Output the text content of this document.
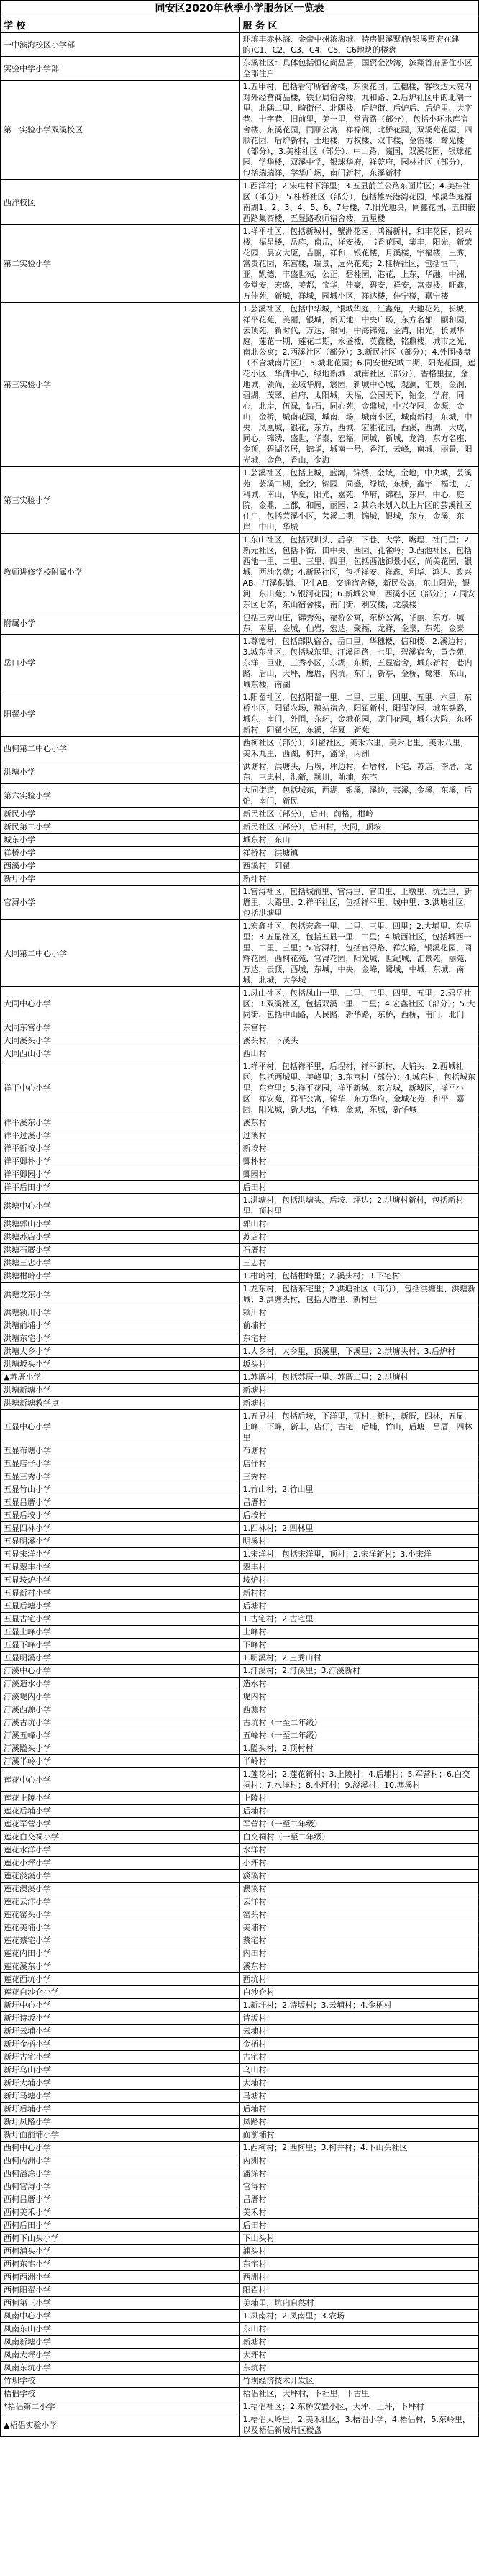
同安区2020年秋季小学服务区一览表
学 校	服 务 区
一中滨海校区小学部	环滨丰赤林海、金帝中州滨海城、特房银溪墅府(银溪墅府在建的)C1、C2、C3、C4、C5、C6地块的楼盘
实验中学小学部	东溪社区：具体包括恒亿尚品居，国贸金沙湾，滨翔首府居住小区全部住户
第一实验小学双溪校区	1.五甲村，包括看守所宿舍楼，东溪花园，五穗楼，客牧达大院内对外经营商品楼，铁业局宿舍楼，九和路；2.后炉社区中的北隅一里、北隅二里、畸街仔、北隅楼、后炉街、后炉后、后炉里、大字巷、十字巷、旧前里，美一里，常青路（部分），包括小环水库宿舍楼、东溪花园，同顺公寓，祥禄阁，北桥花园，双溪苑花园、四顺花园，后炉新村，土地楼，方权楼、双丰楼，金雷楼，鹭光楼（部分），3.美桂社区（部分）、中山路，瀛园，双溪花园，银球花园，学华楼，双溪中学，银球华府，祥乾府，园林社区（部分），包括瑞瑞祥，学华广场，南门新村，东溪新村
西洋校区	1.西洋村；2.宋屯村下洋里；3.五显前兰公路东面片区；4.美桂社区（部分）；5.桂桥社区（部分），包括雄兴港湾花园，银溪华庭福南湖1、2、3、4、5、6、7号楼，7.阳光地块，同鑫花园，五田嵌西路集资楼，五显路教师宿舍楼，五星楼
第二实验小学	1.祥平社区，包括新城村，蟹洲花园，鸿福新村，和丰花园，银兴楼，福星楼，岳庭，南岳，祥安楼，书香花园，集丰，阳光，新荣花园，晨安大厦，吉丽，祥和，银花楼，月溪楼，宇福楼，三秀，富贵花园，东宫楼，瑞景，远兴花苑；2.桂桥社区，包括恒丰，亚，凯德，丰盛世苑，公正，碧桂园，港花，上东，华融，中洲，金堂安，宏盛，美都，宝华，佳豪，碧安，祥安，富贵楼，旺鑫，万佳苑，新城，祥城，园城小区，祥达楼，佳宁楼，嘉宁楼
第三实验小学	1.芸溪社区，包括中华城，银城华庭，汇鑫苑，大地花苑，长城，祥平花苑，美丽，银城，新天地，中央广场，东方名都，颐和园，云顶苑，新时代，万达，银河，中海锦苑，金湾，阳光，长城华庭，莲花一期，莲花二期，永盛楼，英鑫楼，铭鼎楼，城市之光，南北公寓；2.西溪社区（部分）；3.新民社区（部分）；4.外围楼盘（不含城南片区）；5.城北花园；6.同安世纪城二期，阳光花园，莲花小区，华清中心，绿地新城，城南社区（部分），香格里拉，金地城，领尚，金域华府，宸园，新城中心城，观澜，汇景，金润，碧湖，茂翠，首府，太阳城，天福，公园天下，铂金，学府，同心，北岸，伍禄，钻石，同心苑，金鼎城，中兴花园，金源，金山，金桥，城南花园，城南广场，城南小区，城南新村，东城，中央，凤凰城，银花，东方，西城，宏雅花园，西溪，西湖，大成，同心，锦绣，盛世，华泰，宏福，同城，新城，龙湾，东方名座，金顶，碧湖名居，锦华，城南一号，香江，云峰，南城，丽景，阳光城，金色，香山，金海
第三实验小学	1.芸溪社区，包括上城，蓝湾，锦绣，金域，金地，中央城，芸溪苑，芸溪二期，金沙，锦园，同盛，绿城，东桥，鑫宇，福地，万科城，南山，华夏，阳光，嘉苑，华府，锦程，东岸，中心，庭院，金鼎，上郡，和园，丽园；2.其余未划入以上片区的芸溪社区住户，包括芸溪小区，芸溪二期，锦城，银城，东方，金溪，东岸，中山，华城
教师进修学校附属小学	1.东山社区，包括双圳头、后亭、下巷、大学、嘴埕、社门里；2.新元社区，包括下街、田中央、西园、孔雀岭；3.西池社区，包括西池一里、二里、三里、四里，包括西池御景小区，尚美花园，银城，西池名苑；4.新民社区，包括祥安、祥鑫、利华、鸿达、政兴AB、汀溪供销、卫生AB、交通宿舍楼，新民公寓，东山阳光，银河，东山苑；5.银河花园；6.新城公寓，西溪小区（部分）；7.同安东区七条，东山宿舍楼，南门街，利安楼，龙泉楼
附属小学	包括三秀山庄，锦秀苑，福桥公寓，东桥公寓，华丽，东方，城东，南星，金城，仙岩，宏达，聚福，龙祥，金泉，东苑，金泰
岳口小学	1.尊德村，包括部队宿舍，岳口里，华穗楼，信和楼；2.溪边村；3.城东社区，包括城东里、汀溪尾路，七里，碧溪宿舍，黄金苑，东洋，巨业，三秀小区，东湖，东桥，五显宿舍，城东新村，巷内路，后山，大坪，鹰厝，内坑，东门，新亭，金桥，鹭港，东山，城东楼，南湖
阳翟小学	1.阳翟社区，包括阳翟一里、二里、三里、四里、五里、六里，东桥小区，阳翟农场，粮站宿舍，阳翟新村，阳翟花园，城东铁路，城东，南门，外围，东环，金城花园，龙门花园，城东大院，东环新村，阳翟小区，东溪，华夏，新苑
西柯第二中心小学	西柯社区（部分），阳翟社区，美禾六里，美禾七里，美禾八里，美禾九里，西湖，柯井，潘涂，丙洲
洪塘小学	洪塘村，洪塘头，后垵，坪边村，石厝村，下宅，苏店，李厝，龙东，三忠村，洪新，颍川，前埔，东宅
第六实验小学	大同街道，包括城东，西湖，银溪，溪边，芸溪，金溪，东溪，后炉，南门，新民
新民小学	新民社区（部分），后田，前格，柑岭
新民第二小学	新民社区（部分），后田村，大同，顶垵
城东小学	城东村，东山
祥桥小学	祥桥村，洪塘镇
西溪小学	西溪村，阳翟
新圩小学	新圩村
官浔小学	1.官浔社区，包括城前里、官浔里、官田里、上墩里、坑边里、新厝里，大路里；2.祥平社区，包括祥平里，城中里；3.洪塘社区，包括洪塘里
大同第二中心小学	1.宏鑫社区，包括宏鑫一里、二里、三里、四里；2.大埔里、东岳里；3.五显社区，包括五显一里、二里；4.城西社区，包括城西一里、二里、三里；5.官浔村，包括官浔路、祥安路，银溪花园，同辉花园，西柯花苑，官浔花园，阳光城，世纪城，汇景苑，丽苑，万达，云顶，西城，东城，中央，金峰，鹭城，中城，东城，南城，北城，大学城
大同中心小学	1.凤山社区，包括凤山一里、二里、三里、四里、五里；2.碧岳社区；3.双溪社区，包括双溪一里、二里；4.宏鑫社区（部分）；5.大同街，包括中山路，人民路，新华路，东桥，西桥，南门，北门
大同东宫小学	东宫村
大同溪头小学	溪头村，下溪头
大同西山小学	西山村
祥平中心小学	1.祥平村，包括祥平里，后埕村，祥平新村，大埔头；2.西城社区，包括西城里、美峰里；3.东宫村（部分）；4.城东村，包括城东里，东宫里；5.祥平花园，祥平新城，东方城，新城区，祥平小区，祥安苑，祥平公寓，锦华，东方华府，金城花苑，和平，嘉园，阳光城，新天地，华城，金城，东城，新华城
祥平溪东小学	溪东村
祥平过溪小学	过溪村
祥平新垵小学	新垵村
祥平卿朴小学	卿朴村
祥平卿园小学	卿园村
祥平后田小学	后田村
洪塘中心小学	1.洪塘村，包括洪塘头、后垵、坪边；2.洪塘村新村，包括新村里、顶村里
洪塘郭山小学	郭山村
洪塘苏店小学	苏店村
洪塘石厝小学	石厝村
洪塘三忠小学	三忠村
洪塘柑岭小学	1.柑岭村，包括柑岭里；2.溪头村；3.下宅村
洪塘龙东小学	1.龙东村，包括东宅里；2.洪塘社区（部分），包括洪塘里、洪塘新城；3.洪塘头村，包括大厝里、新村里
洪塘颍川小学	颍川村
洪塘前埔小学	前埔村
洪塘东宅小学	东宅村
洪塘大乡小学	1.大乡村，大乡里，顶溪里，下溪里；2.洪塘头村；3.后炉村
洪塘坂头小学	坂头村
▲苏厝小学	1.苏厝村，包括苏厝一里、苏厝二里；2.洪塘村
洪塘新塘小学	新塘村
洪塘新塘教学点	新塘村
五显中心小学	1.五显村，包括后垵，下洋里，顶村，新村，新厝，四林，五显，上峰，下峰，新丰，店仔，古宅，后埔，竹山，后塘，吕厝，四林里
五显布塘小学	布塘村
五显店仔小学	店仔村
五显三秀小学	三秀村
五显竹山小学	1.竹山村；2.竹山里
五显吕厝小学	吕厝村
五显后垵小学	后垵村
五显四林小学	1.四林村；2.四林里
五显明溪小学	明溪村
五显宋洋小学	1.宋洋村，包括宋洋里，顶村；2.宋洋新村；3.小宋洋
五显翠丰小学	翠丰村
五显垵炉小学	垵炉村
五显新村小学	新村村
五显后塘小学	后塘村
五显古宅小学	1.古宅村；2.古宅里
五显上峰小学	上峰村
五显下峰小学	下峰村
五显明溪小学	1.明溪村；2.三秀山村
汀溪中心小学	1.汀溪村；2.汀溪里；3.汀溪新村
汀溪造水小学	造水村
汀溪堤内小学	堤内村
汀溪西源小学	西源村
汀溪古坑小学	古坑村（一至二年级）
汀溪五峰小学	五峰村（一至二年级）
汀溪隘头小学	1.隘头村；2.顶村村
汀溪半岭小学	半岭村
莲花中心小学	1.莲花村；2.莲花新村；3.上陵村；4.后埔村；5.军营村；6.白交祠村；7.水洋村；8.小坪村；9.淡溪村；10.澳溪村
莲花上陵小学	上陵村
莲花后埔小学	后埔村
莲花军营小学	军营村（一至二年级）
莲花白交祠小学	白交祠村（一至二年级）
莲花水洋小学	水洋村
莲花小坪小学	小坪村
莲花淡溪小学	淡溪村
莲花澳溪小学	澳溪村
莲花云洋小学	云洋村
莲花窑头小学	窑头村
莲花美埔小学	美埔村
莲花蔡宅小学	蔡宅村
莲花内田小学	内田村
莲花溪东小学	溪东村
莲花西坑小学	西坑村
莲花白沙仑小学	白沙仑村
新圩中心小学	1.新圩村；2.诗坂村；3.云埔村；4.金柄村
新圩诗坂小学	诗坂村
新圩云埔小学	云埔村
新圩金柄小学	金柄村
新圩古宅小学	古宅村
新圩乌山小学	乌山村
新圩大埔小学	大埔村
新圩马塘小学	马塘村
新圩后埔小学	后埔村
新圩凤路小学	凤路村
新圩面前埔小学	面前埔村
西柯中心小学	1.西柯村；2.西柯里；3.柯井村；4.下山头社区
西柯丙洲小学	丙洲村
西柯潘涂小学	潘涂村
西柯官浔小学	官浔村
西柯吕厝小学	吕厝村
西柯美禾小学	美禾村
西柯后田小学	后田村
西柯下山头小学	下山头村
西柯浦头小学	浦头村
西柯东宅小学	东宅村
西柯西洲小学	西洲村
西柯阳翟小学	阳翟村
西柯第三小学	美埔里，坑内自然村
凤南中心小学	1.凤南村；2.凤南里；3.农场
凤南东山小学	东山村
凤南新塘小学	新塘村
凤南大坪小学	大坪村
凤南东坑小学	东坑村
竹坝学校	竹坝经济技术开发区
梧侣学校	梧侣社区，大坪村，下社里，下古里
*梧侣第二小学	1.梧侣社区；2.东桥安置小区，大坪，上坪，下坪村
▲梧侣实验小学	1.梧侣大岭里，2.美禾社区，3.梧侣小学，4.梧侣村，5.东岭里，以及梧侣新城片区楼盘
